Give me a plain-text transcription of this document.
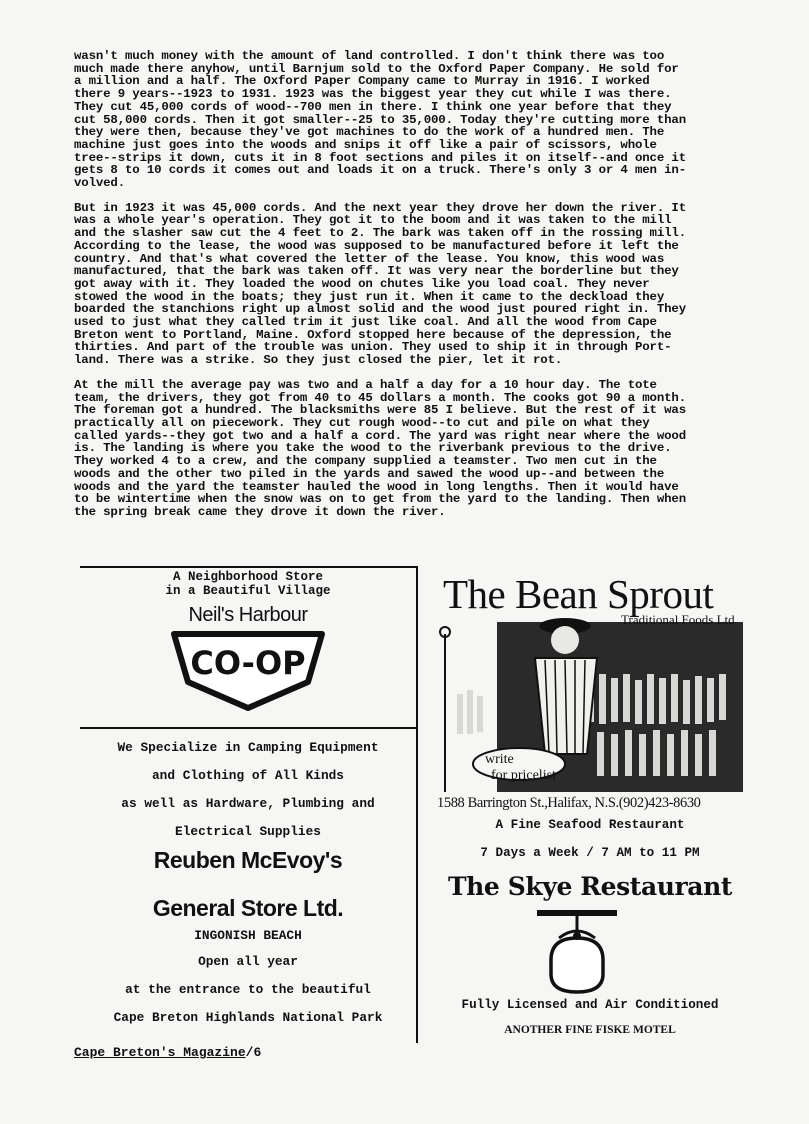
wasn't much money with the amount of land controlled. I don't think there was too
much made there anyhow, until Barnjum sold to the Oxford Paper Company. He sold for
a million and a half. The Oxford Paper Company came to Murray in 1916. I worked
there 9 years--1923 to 1931. 1923 was the biggest year they cut while I was there.
They cut 45,000 cords of wood--700 men in there. I think one year before that they
cut 58,000 cords. Then it got smaller--25 to 35,000. Today they're cutting more than
they were then, because they've got machines to do the work of a hundred men. The
machine just goes into the woods and snips it off like a pair of scissors, whole
tree--strips it down, cuts it in 8 foot sections and piles it on itself--and once it
gets 8 to 10 cords it comes out and loads it on a truck. There's only 3 or 4 men in-
volved.

But in 1923 it was 45,000 cords. And the next year they drove her down the river. It
was a whole year's operation. They got it to the boom and it was taken to the mill
and the slasher saw cut the 4 feet to 2. The bark was taken off in the rossing mill.
According to the lease, the wood was supposed to be manufactured before it left the
country. And that's what covered the letter of the lease. You know, this wood was
manufactured, that the bark was taken off. It was very near the borderline but they
got away with it. They loaded the wood on chutes like you load coal. They never
stowed the wood in the boats; they just run it. When it came to the deckload they
boarded the stanchions right up almost solid and the wood just poured right in. They
used to just what they called trim it just like coal. And all the wood from Cape
Breton went to Portland, Maine. Oxford stopped here because of the depression, the
thirties. And part of the trouble was union. They used to ship it in through Port-
land. There was a strike. So they just closed the pier, let it rot.

At the mill the average pay was two and a half a day for a 10 hour day. The tote
team, the drivers, they got from 40 to 45 dollars a month. The cooks got 90 a month.
The foreman got a hundred. The blacksmiths were 85 I believe. But the rest of it was
practically all on piecework. They cut rough wood--to cut and pile on what they
called yards--they got two and a half a cord. The yard was right near where the wood
is. The landing is where you take the wood to the riverbank previous to the drive.
They worked 4 to a crew, and the company supplied a teamster. Two men cut in the
woods and the other two piled in the yards and sawed the wood up--and between the
woods and the yard the teamster hauled the wood in long lengths. Then it would have
to be wintertime when the snow was on to get from the yard to the landing. Then when
the spring break came they drove it down the river.

A Neighborhood Store
in a Beautiful Village
Neil's Harbour
CO-OP
We Specialize in Camping Equipment
and Clothing of All Kinds
as well as Hardware, Plumbing and
Electrical Supplies
Reuben McEvoy's
General Store Ltd.
INGONISH BEACH
Open all year
at the entrance to the beautiful
Cape Breton Highlands National Park
The Bean Sprout
Traditional Foods Ltd
write
for pricelist
1588 Barrington St.,Halifax, N.S.(902)423-8630
A Fine Seafood Restaurant
7 Days a Week / 7 AM to 11 PM
The Skye Restaurant
Fully Licensed and Air Conditioned
ANOTHER FINE FISKE MOTEL
Cape Breton's Magazine/6
